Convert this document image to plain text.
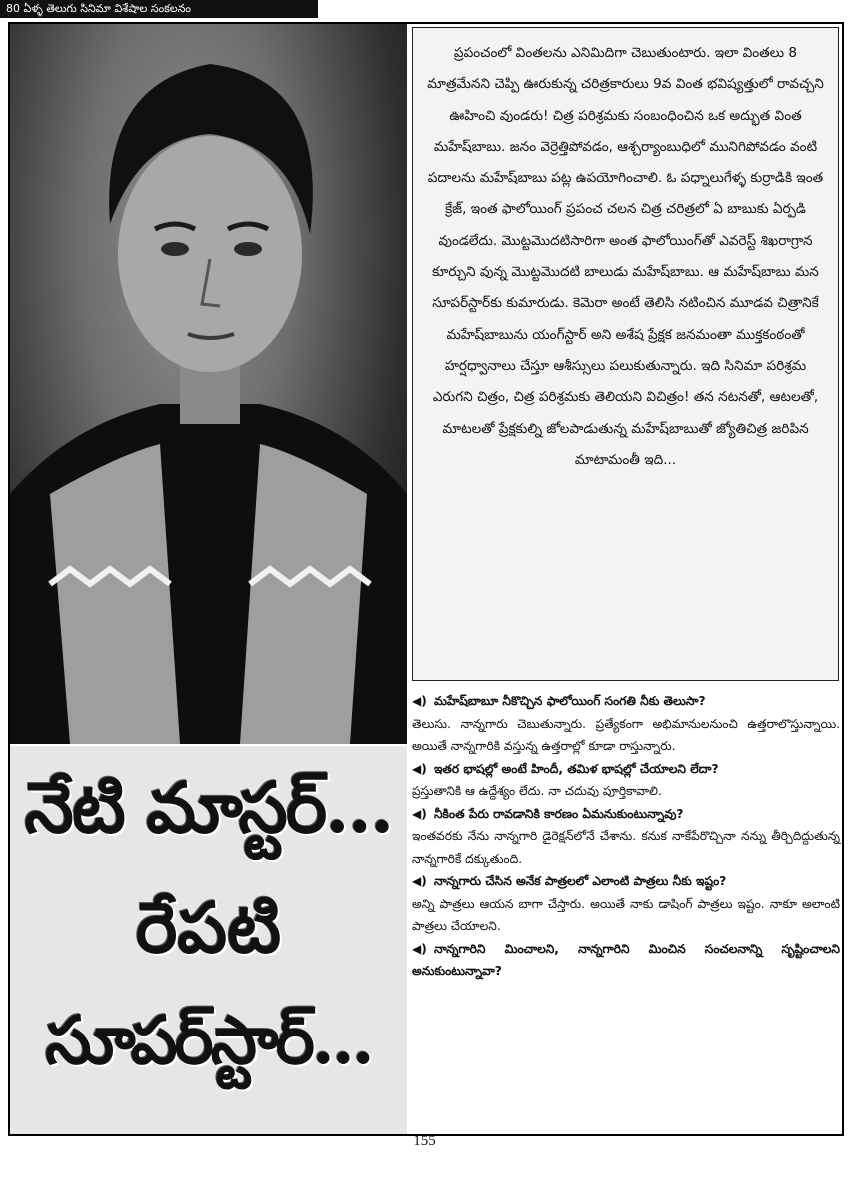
80 ఏళ్ళ తెలుగు సినిమా విశేషాల సంకలనం
నేటి మాస్టర్...
రేపటి
సూపర్‌స్టార్...
ప్రపంచంలో వింతలను ఎనిమిదిగా చెబుతుంటారు. ఇలా వింతలు 8 మాత్రమేనని చెప్పి ఊరుకున్న చరిత్రకారులు 9వ వింత భవిష్యత్తులో రావచ్చని ఊహించి వుండరు! చిత్ర పరిశ్రమకు సంబంధించిన ఒక అద్భుత వింత మహేష్‌బాబు. జనం వెర్రెత్తిపోవడం, ఆశ్చర్యాంబుధిలో మునిగిపోవడం వంటి పదాలను మహేష్‌బాబు పట్ల ఉపయోగించాలి. ఓ పధ్నాలుగేళ్ళ కుర్రాడికి ఇంత క్రేజ్, ఇంత ఫాలోయింగ్ ప్రపంచ చలన చిత్ర చరిత్రలో ఏ బాబుకు ఏర్పడి వుండలేదు. మొట్టమొదటిసారిగా అంత ఫాలోయింగ్‌తో ఎవరెస్ట్ శిఖరాగ్రాన కూర్చుని వున్న మొట్టమొదటి బాలుడు మహేష్‌బాబు. ఆ మహేష్‌బాబు మన సూపర్‌స్టార్‌కు కుమారుడు. కెమెరా అంటే తెలిసి నటించిన మూడవ చిత్రానికే మహేష్‌బాబును యంగ్‌స్టార్ అని అశేష ప్రేక్షక జనమంతా ముక్తకంఠంతో హర్షధ్వానాలు చేస్తూ ఆశీస్సులు పలుకుతున్నారు. ఇది సినిమా పరిశ్రమ ఎరుగని చిత్రం, చిత్ర పరిశ్రమకు తెలియని విచిత్రం! తన నటనతో, ఆటలతో, మాటలతో ప్రేక్షకుల్ని జోలపాడుతున్న మహేష్‌బాబుతో జ్యోతిచిత్ర జరిపిన మాటామంతీ ఇది...
◀) మహేష్‌బాబూ నీకొచ్చిన ఫాలోయింగ్ సంగతి నీకు తెలుసా?
తెలుసు. నాన్నగారు చెబుతున్నారు. ప్రత్యేకంగా అభిమానులనుంచి ఉత్తరాలొస్తున్నాయి. అయితే నాన్నగారికి వస్తున్న ఉత్తరాల్లో కూడా రాస్తున్నారు.
◀) ఇతర భాషల్లో అంటే హిందీ, తమిళ భాషల్లో చేయాలని లేదా?
ప్రస్తుతానికి ఆ ఉద్దేశ్యం లేదు. నా చదువు పూర్తికావాలి.
◀) నీకింత పేరు రావడానికి కారణం ఏమనుకుంటున్నావు?
ఇంతవరకు నేను నాన్నగారి డైరెక్షన్‌లోనే చేశాను. కనుక నాకేపేరొచ్చినా నన్ను తీర్చిదిద్దుతున్న నాన్నగారికే దక్కుతుంది.
◀) నాన్నగారు చేసిన అనేక పాత్రలలో ఎలాంటి పాత్రలు నీకు ఇష్టం?
అన్ని పాత్రలు ఆయన బాగా చేస్తారు. అయితే నాకు డాషింగ్ పాత్రలు ఇష్టం. నాకూ అలాంటి పాత్రలు చేయాలని.
◀) నాన్నగారిని మించాలని, నాన్నగారిని మించిన సంచలనాన్ని సృష్టించాలని అనుకుంటున్నావా?
155
